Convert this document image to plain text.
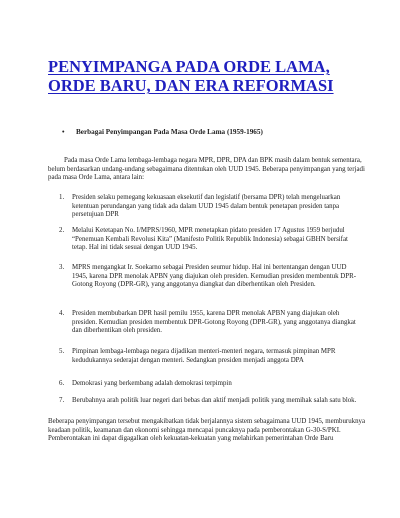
PENYIMPANGA PADA ORDE LAMA, ORDE BARU, DAN ERA REFORMASI
• Berbagai Penyimpangan Pada Masa Orde Lama (1959-1965)

Pada masa Orde Lama lembaga-lembaga negara MPR, DPR, DPA dan BPK masih dalam bentuk sementara, belum berdasarkan undang-undang sebagaimana ditentukan oleh UUD 1945. Beberapa penyimpangan yang terjadi pada masa Orde Lama, antara lain:

1. Presiden selaku pemegang kekuasaan eksekutif dan legislatif (bersama DPR) telah mengeluarkan ketentuan perundangan yang tidak ada dalam UUD 1945 dalam bentuk penetapan presiden tanpa persetujuan DPR
2. Melalui Ketetapan No. I/MPRS/1960, MPR menetapkan pidato presiden 17 Agustus 1959 berjudul “Penemuan Kembali Revolusi Kita” (Manifesto Politik Republik Indonesia) sebagai GBHN bersifat tetap. Hal ini tidak sesuai dengan UUD 1945.
3. MPRS mengangkat Ir. Soekarno sebagai Presiden seumur hidup. Hal ini bertentangan dengan UUD 1945, karena DPR menolak APBN yang diajukan oleh presiden. Kemudian presiden membentuk DPR-Gotong Royong (DPR-GR), yang anggotanya diangkat dan diberhentikan oleh Presiden.
4. Presiden membubarkan DPR hasil pemilu 1955, karena DPR menolak APBN yang diajukan oleh presiden. Kemudian presiden membentuk DPR-Gotong Royong (DPR-GR), yang anggotanya diangkat dan diberhentikan oleh presiden.
5. Pimpinan lembaga-lembaga negara dijadikan menteri-menteri negara, termasuk pimpinan MPR kedudukannya sederajat dengan menteri. Sedangkan presiden menjadi anggota DPA
6. Demokrasi yang berkembang adalah demokrasi terpimpin
7. Berubahnya arah politik luar negeri dari bebas dan aktif menjadi politik yang memihak salah satu blok.

Beberapa penyimpangan tersebut mengakibatkan tidak berjalannya sistem sebagaimana UUD 1945, memburuknya keadaan politik, keamanan dan ekonomi sehingga mencapai puncaknya pada pemberontakan G-30-S/PKI. Pemberontakan ini dapat digagalkan oleh kekuatan-kekuatan yang melahirkan pemerintahan Orde Baru
